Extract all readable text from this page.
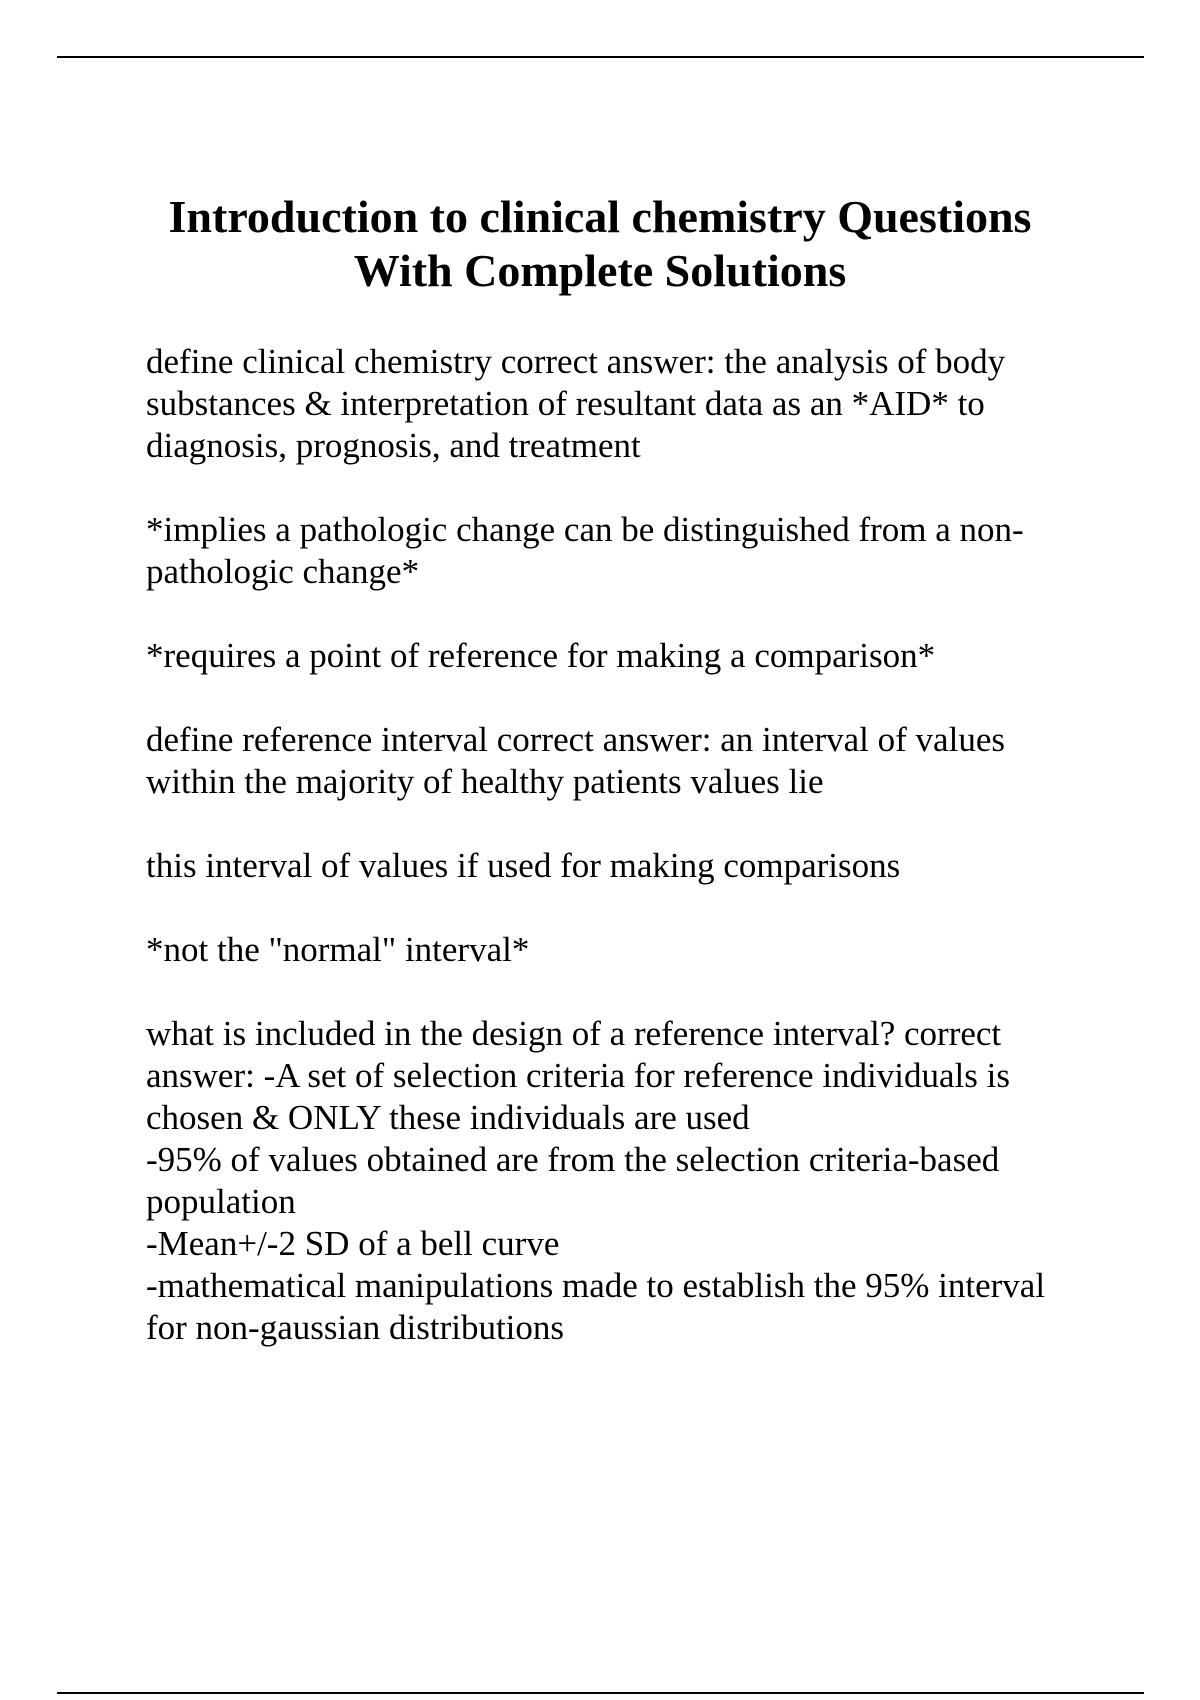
Introduction to clinical chemistry Questions
With Complete Solutions

define clinical chemistry correct answer: the analysis of body
substances & interpretation of resultant data as an *AID* to
diagnosis, prognosis, and treatment

*implies a pathologic change can be distinguished from a non-
pathologic change*

*requires a point of reference for making a comparison*

define reference interval correct answer: an interval of values
within the majority of healthy patients values lie

this interval of values if used for making comparisons

*not the "normal" interval*

what is included in the design of a reference interval? correct
answer: -A set of selection criteria for reference individuals is
chosen & ONLY these individuals are used
-95% of values obtained are from the selection criteria-based
population
-Mean+/-2 SD of a bell curve
-mathematical manipulations made to establish the 95% interval
for non-gaussian distributions
